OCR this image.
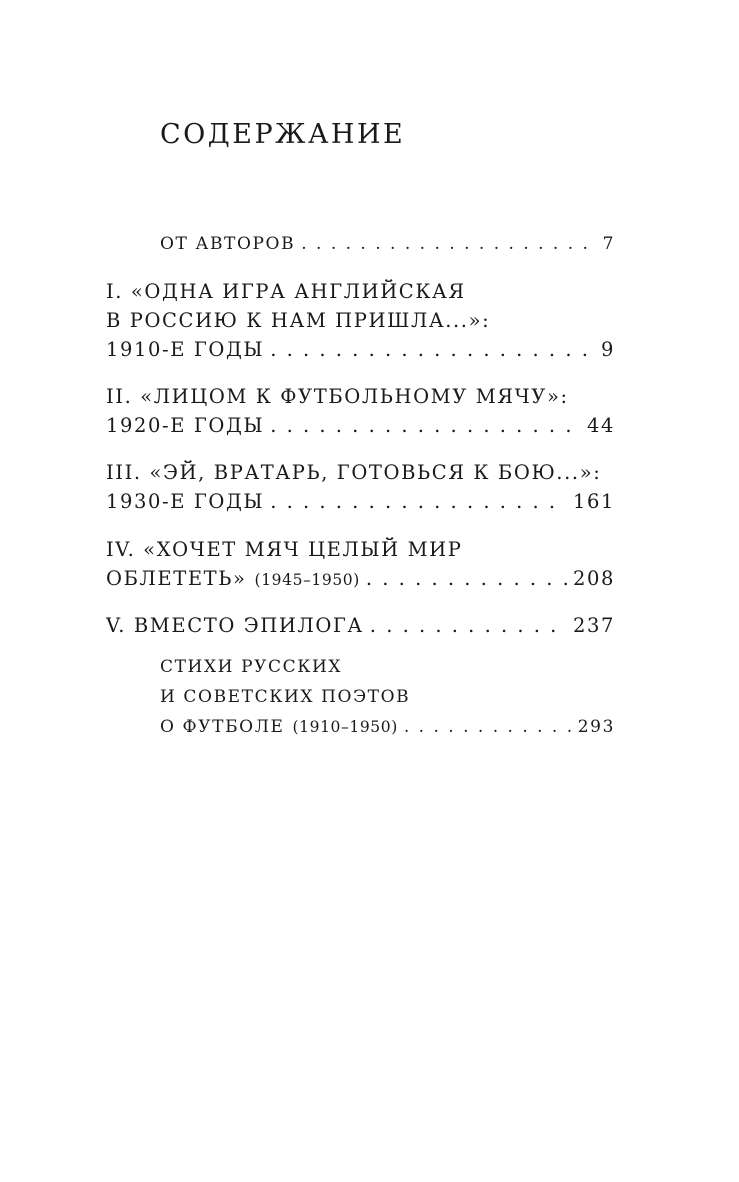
СОДЕРЖАНИЕ
ОТ АВТОРОВ . . .	7
I. «ОДНА ИГРА АНГЛИЙСКАЯ
В РОССИЮ К НАМ ПРИШЛА...»:
1910-Е ГОДЫ . . .	9
II. «ЛИЦОМ К ФУТБОЛЬНОМУ МЯЧУ»:
1920-Е ГОДЫ . . .	44
III. «ЭЙ, ВРАТАРЬ, ГОТОВЬСЯ К БОЮ...»:
1930-Е ГОДЫ . . .	161
IV. «ХОЧЕТ МЯЧ ЦЕЛЫЙ МИР
ОБЛЕТЕТЬ» (1945–1950) . . .	208
V. ВМЕСТО ЭПИЛОГА . . .	237
СТИХИ РУССКИХ
И СОВЕТСКИХ ПОЭТОВ
О ФУТБОЛЕ (1910–1950) . . .	293
